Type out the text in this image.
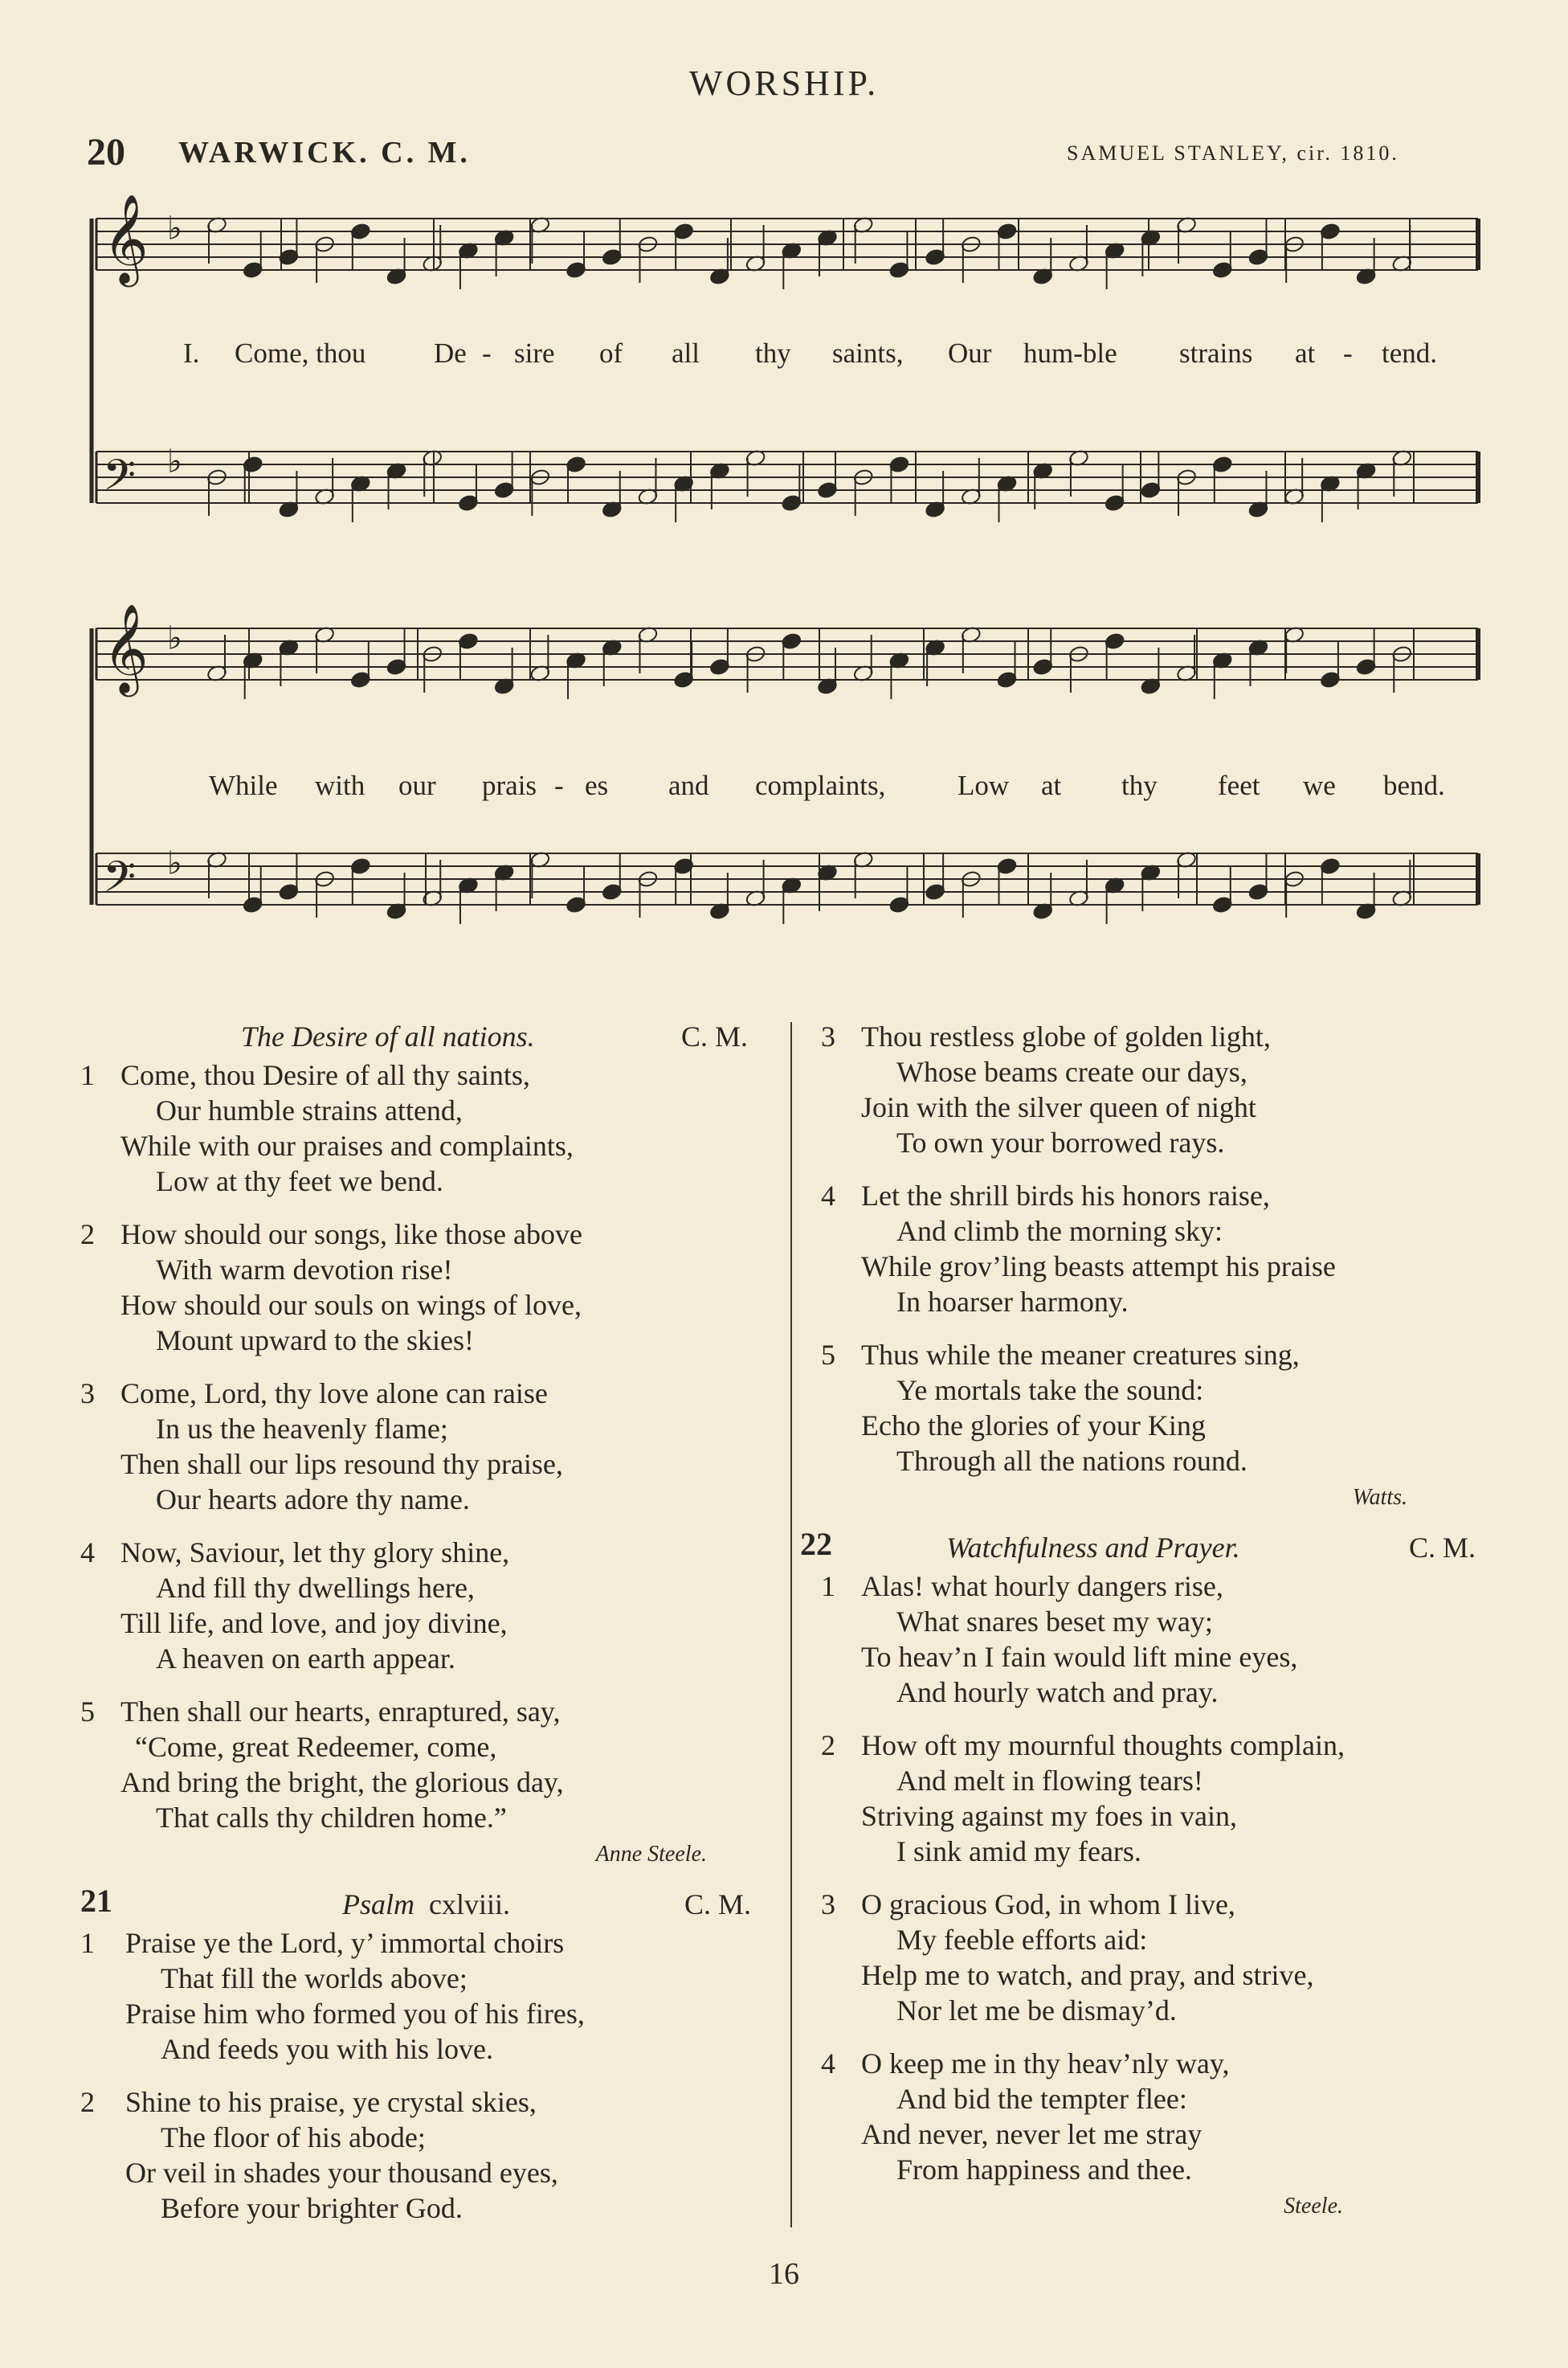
WORSHIP.
20 WARWICK. C. M.	SAMUEL STANLEY, cir. 1810.
𝄞 ♭
𝄢 ♭
𝄞 ♭
𝄢 ♭
I. Come, thou De - sire of all thy saints, Our hum-ble strains at - tend.
While with our prais - es and complaints,	Low at thy feet we bend.
The Desire of all nations.	C. M.
1 Come, thou Desire of all thy saints,
Our humble strains attend,
While with our praises and complaints,
Low at thy feet we bend.
2 How should our songs, like those above
With warm devotion rise!
How should our souls on wings of love,
Mount upward to the skies!
3 Come, Lord, thy love alone can raise
In us the heavenly flame;
Then shall our lips resound thy praise,
Our hearts adore thy name.
4 Now, Saviour, let thy glory shine,
And fill thy dwellings here,
Till life, and love, and joy divine,
A heaven on earth appear.
5 Then shall our hearts, enraptured, say,
“Come, great Redeemer, come,
And bring the bright, the glorious day,
That calls thy children home.”
Anne Steele.
21	Psalm cxlviii.	C. M.
1	Praise ye the Lord, y’ immortal choirs
That fill the worlds above;
Praise him who formed you of his fires,
And feeds you with his love.
2	Shine to his praise, ye crystal skies,
The floor of his abode;
Or veil in shades your thousand eyes,
Before your brighter God.
3 Thou restless globe of golden light,
Whose beams create our days,
Join with the silver queen of night
To own your borrowed rays.
4 Let the shrill birds his honors raise,
And climb the morning sky:
While grov’ling beasts attempt his praise
In hoarser harmony.
5 Thus while the meaner creatures sing,
Ye mortals take the sound:
Echo the glories of your King
Through all the nations round.
Watts.
22	Watchfulness and Prayer.	C. M.
1 Alas! what hourly dangers rise,
What snares beset my way;
To heav’n I fain would lift mine eyes,
And hourly watch and pray.
2 How oft my mournful thoughts complain,
And melt in flowing tears!
Striving against my foes in vain,
I sink amid my fears.
3 O gracious God, in whom I live,
My feeble efforts aid:
Help me to watch, and pray, and strive,
Nor let me be dismay’d.
4 O keep me in thy heav’nly way,
And bid the tempter flee:
And never, never let me stray
From happiness and thee.
Steele.
16
